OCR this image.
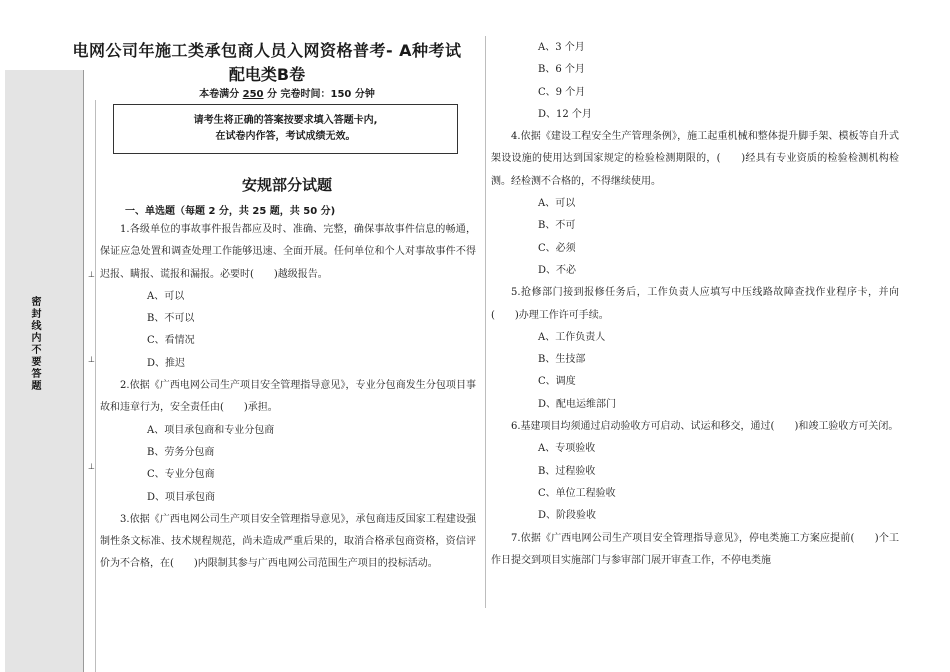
密封线内不要答题
⊥
⊥
⊥
电网公司年施工类承包商人员入网资格普考- A种考试
配电类B卷
本卷满分 250 分 完卷时间：150 分钟
请考生将正确的答案按要求填入答题卡内,
在试卷内作答，考试成绩无效。
安规部分试题
一、单选题（每题 2 分，共 25 题，共 50 分)

1.各级单位的事故事件报告都应及时、准确、完整，确保事故事件信息的畅通，保证应急处置和调查处理工作能够迅速、全面开展。任何单位和个人对事故事件不得迟报、瞒报、谎报和漏报。必要时(　　)越级报告。

A、可以

B、不可以

C、看情况

D、推迟

2.依据《广西电网公司生产项目安全管理指导意见》，专业分包商发生分包项目事故和违章行为，安全责任由(　　)承担。

A、项目承包商和专业分包商

B、劳务分包商

C、专业分包商

D、项目承包商

3.依据《广西电网公司生产项目安全管理指导意见》，承包商违反国家工程建设强制性条文标准、技术规程规范，尚未造成严重后果的，取消合格承包商资格，资信评价为不合格，在(　　)内限制其参与广西电网公司范围生产项目的投标活动。

A、3 个月

B、6 个月

C、9 个月

D、12 个月

4.依据《建设工程安全生产管理条例》，施工起重机械和整体提升脚手架、模板等自升式架设设施的使用达到国家规定的检验检测期限的，(　　)经具有专业资质的检验检测机构检测。经检测不合格的，不得继续使用。

A、可以

B、不可

C、必须

D、不必

5.抢修部门接到报修任务后，工作负责人应填写中压线路故障查找作业程序卡，并向(　　)办理工作许可手续。

A、工作负责人

B、生技部

C、调度

D、配电运维部门

6.基建项目均须通过启动验收方可启动、试运和移交，通过(　　)和竣工验收方可关闭。

A、专项验收

B、过程验收

C、单位工程验收

D、阶段验收

7.依据《广西电网公司生产项目安全管理指导意见》，停电类施工方案应提前(　　)个工作日提交到项目实施部门与参审部门展开审查工作，不停电类施
